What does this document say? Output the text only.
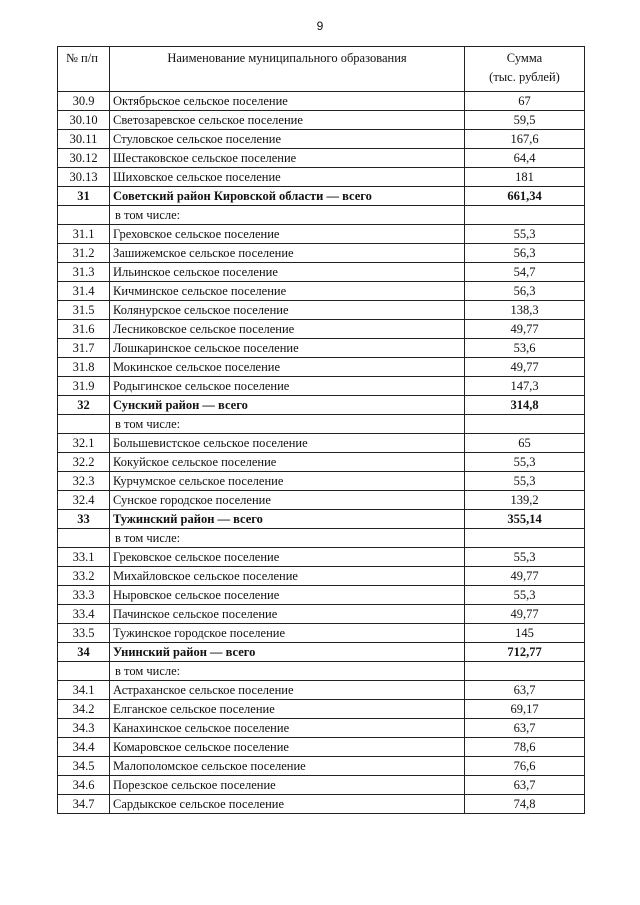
9
№ п/п	Наименование муниципального образования	Сумма
(тыс. рублей)

30.9	Октябрьское сельское поселение	67
30.10	Светозаревское сельское поселение	59,5
30.11	Стуловское сельское поселение	167,6
30.12	Шестаковское сельское поселение	64,4
30.13	Шиховское сельское поселение	181
31	Советский район Кировской области — всего	661,34
	в том числе:	
31.1	Греховское сельское поселение	55,3
31.2	Зашижемское сельское поселение	56,3
31.3	Ильинское сельское поселение	54,7
31.4	Кичминское сельское поселение	56,3
31.5	Колянурское сельское поселение	138,3
31.6	Лесниковское сельское поселение	49,77
31.7	Лошкаринское сельское поселение	53,6
31.8	Мокинское сельское поселение	49,77
31.9	Родыгинское сельское поселение	147,3
32	Сунский район — всего	314,8
	в том числе:	
32.1	Большевистское сельское поселение	65
32.2	Кокуйское сельское поселение	55,3
32.3	Курчумское сельское поселение	55,3
32.4	Сунское городское поселение	139,2
33	Тужинский район — всего	355,14
	в том числе:	
33.1	Грековское сельское поселение	55,3
33.2	Михайловское сельское поселение	49,77
33.3	Ныровское сельское поселение	55,3
33.4	Пачинское сельское поселение	49,77
33.5	Тужинское городское поселение	145
34	Унинский район — всего	712,77
	в том числе:	
34.1	Астраханское сельское поселение	63,7
34.2	Елганское сельское поселение	69,17
34.3	Канахинское сельское поселение	63,7
34.4	Комаровское сельское поселение	78,6
34.5	Малополомское сельское поселение	76,6
34.6	Порезское сельское поселение	63,7
34.7	Сардыкское сельское поселение	74,8
